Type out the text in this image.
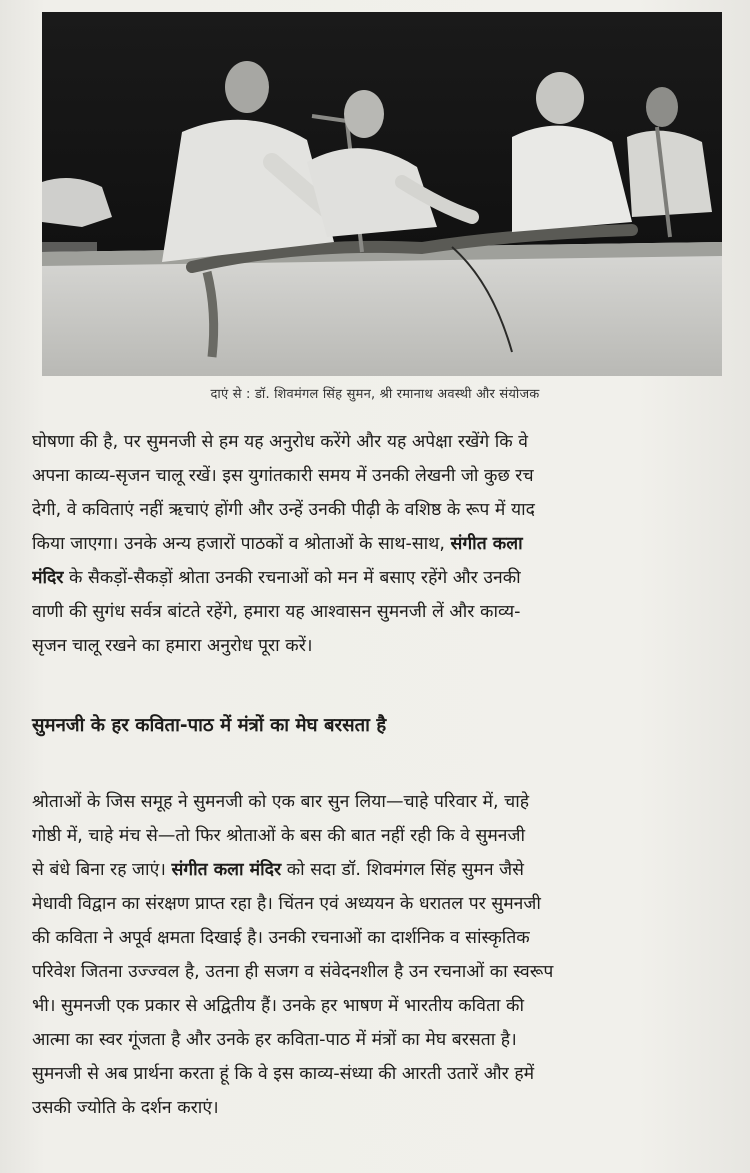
दाएं से : डॉ. शिवमंगल सिंह सुमन, श्री रमानाथ अवस्थी और संयोजक
घोषणा की है, पर सुमनजी से हम यह अनुरोध करेंगे और यह अपेक्षा रखेंगे कि वे
अपना काव्य-सृजन चालू रखें। इस युगांतकारी समय में उनकी लेखनी जो कुछ रच
देगी, वे कविताएं नहीं ऋचाएं होंगी और उन्हें उनकी पीढ़ी के वशिष्ठ के रूप में याद
किया जाएगा। उनके अन्य हजारों पाठकों व श्रोताओं के साथ-साथ, संगीत कला
मंदिर के सैकड़ों-सैकड़ों श्रोता उनकी रचनाओं को मन में बसाए रहेंगे और उनकी
वाणी की सुगंध सर्वत्र बांटते रहेंगे, हमारा यह आश्वासन सुमनजी लें और काव्य-
सृजन चालू रखने का हमारा अनुरोध पूरा करें।
सुमनजी के हर कविता-पाठ में मंत्रों का मेघ बरसता है
श्रोताओं के जिस समूह ने सुमनजी को एक बार सुन लिया—चाहे परिवार में, चाहे
गोष्ठी में, चाहे मंच से—तो फिर श्रोताओं के बस की बात नहीं रही कि वे सुमनजी
से बंधे बिना रह जाएं। संगीत कला मंदिर को सदा डॉ. शिवमंगल सिंह सुमन जैसे
मेधावी विद्वान का संरक्षण प्राप्त रहा है। चिंतन एवं अध्ययन के धरातल पर सुमनजी
की कविता ने अपूर्व क्षमता दिखाई है। उनकी रचनाओं का दार्शनिक व सांस्कृतिक
परिवेश जितना उज्ज्वल है, उतना ही सजग व संवेदनशील है उन रचनाओं का स्वरूप
भी। सुमनजी एक प्रकार से अद्वितीय हैं। उनके हर भाषण में भारतीय कविता की
आत्मा का स्वर गूंजता है और उनके हर कविता-पाठ में मंत्रों का मेघ बरसता है।
सुमनजी से अब प्रार्थना करता हूं कि वे इस काव्य-संध्या की आरती उतारें और हमें
उसकी ज्योति के दर्शन कराएं।
